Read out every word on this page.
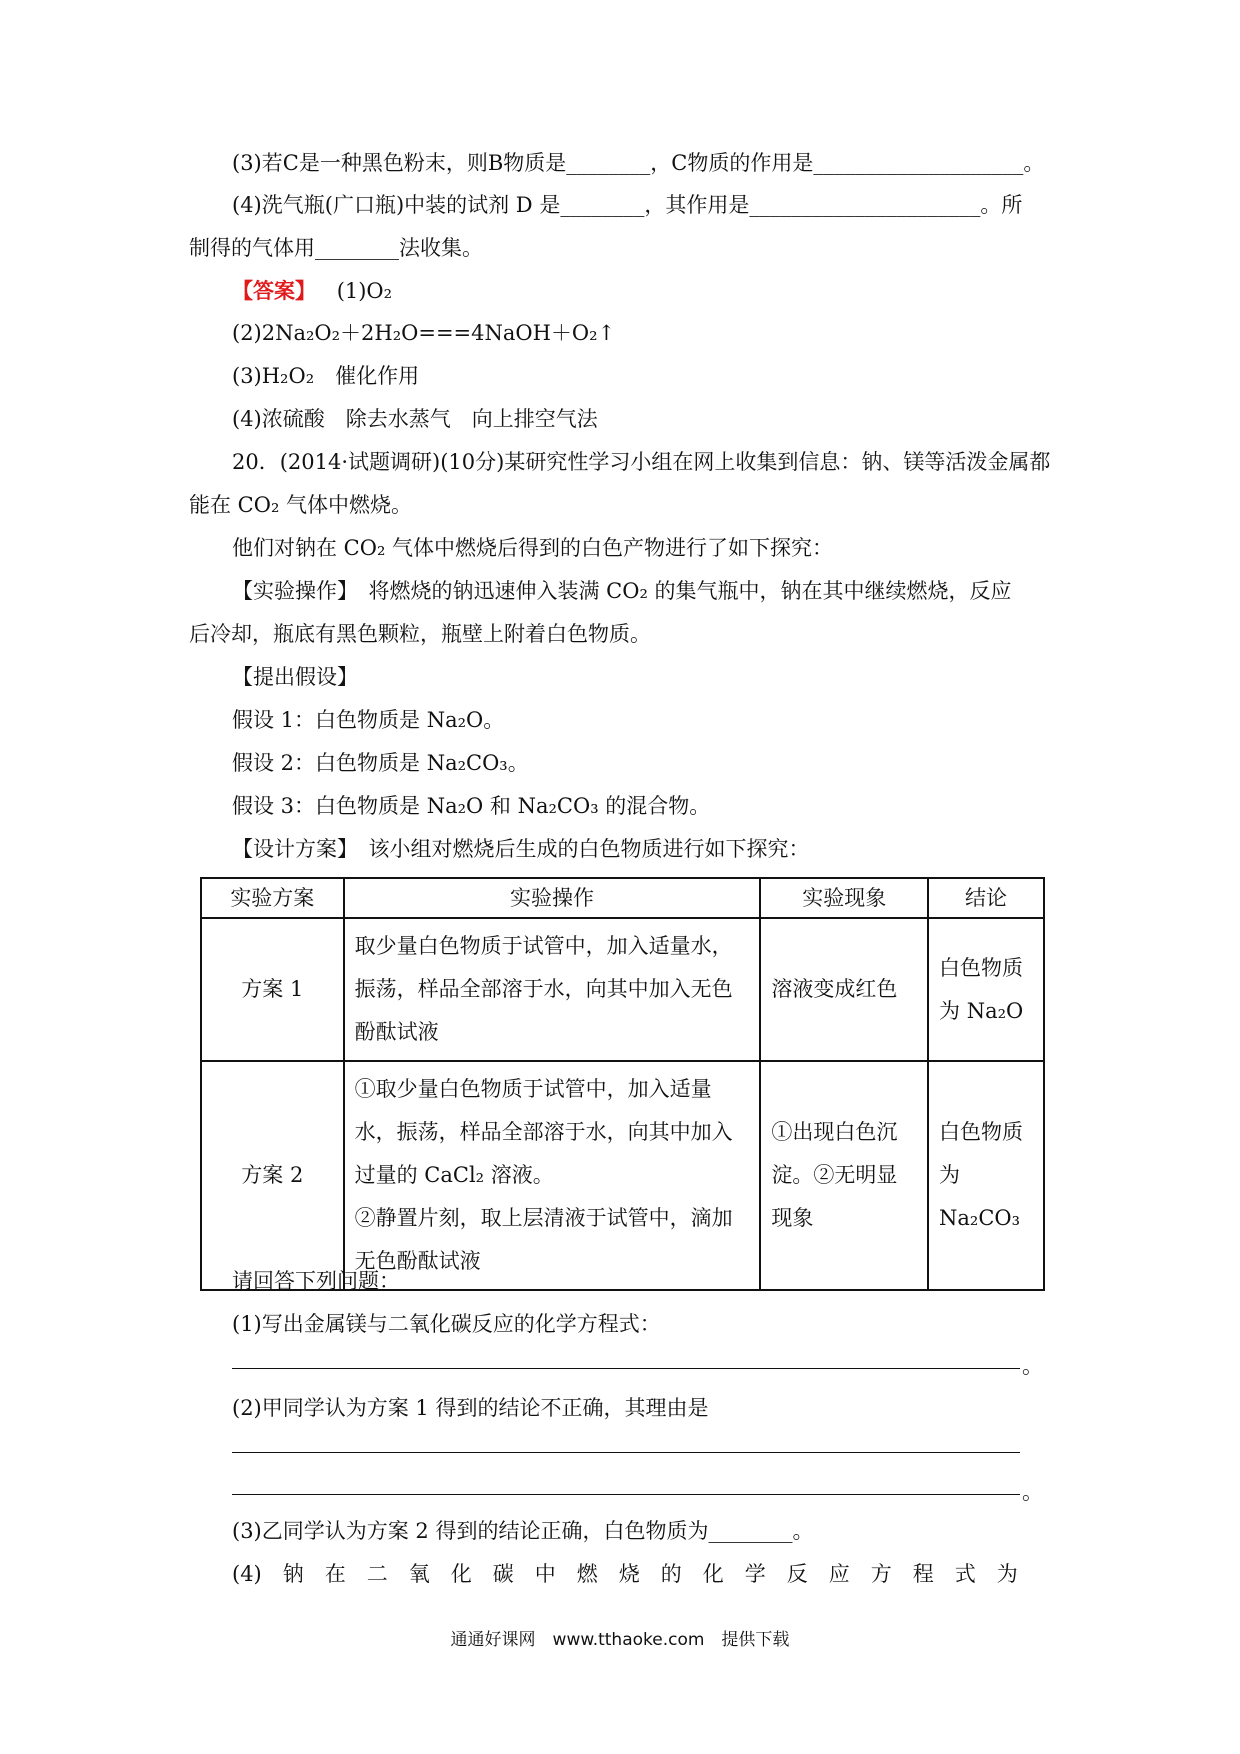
(3)若C是一种黑色粉末，则B物质是________，C物质的作用是____________________。
(4)洗气瓶(广口瓶)中装的试剂 D 是________，其作用是______________________。所
制得的气体用________法收集。
【答案】 (1)O₂
(2)2Na₂O₂＋2H₂O===4NaOH＋O₂↑
(3)H₂O₂　催化作用
(4)浓硫酸　除去水蒸气　向上排空气法
20．(2014·试题调研)(10分)某研究性学习小组在网上收集到信息：钠、镁等活泼金属都
能在 CO₂ 气体中燃烧。
他们对钠在 CO₂ 气体中燃烧后得到的白色产物进行了如下探究：
【实验操作】　将燃烧的钠迅速伸入装满 CO₂ 的集气瓶中，钠在其中继续燃烧，反应
后冷却，瓶底有黑色颗粒，瓶壁上附着白色物质。
【提出假设】
假设 1：白色物质是 Na₂O。
假设 2：白色物质是 Na₂CO₃。
假设 3：白色物质是 Na₂O 和 Na₂CO₃ 的混合物。
【设计方案】　该小组对燃烧后生成的白色物质进行如下探究：
实验方案	实验操作	实验现象	结论
方案 1	取少量白色物质于试管中，加入适量水，振荡，样品全部溶于水，向其中加入无色酚酞试液	溶液变成红色	白色物质为 Na₂O
方案 2	①取少量白色物质于试管中，加入适量水，振荡，样品全部溶于水，向其中加入过量的 CaCl₂ 溶液。
②静置片刻，取上层清液于试管中，滴加无色酚酞试液	①出现白色沉淀。②无明显现象	白色物质为 Na₂CO₃
请回答下列问题：
(1)写出金属镁与二氧化碳反应的化学方程式：
。
(2)甲同学认为方案 1 得到的结论不正确，其理由是
。
(3)乙同学认为方案 2 得到的结论正确，白色物质为________。
(4)　钠　在　二　氧　化　碳　中　燃　烧　的　化　学　反　应　方　程　式　为
通通好课网　www.tthaoke.com　提供下载
